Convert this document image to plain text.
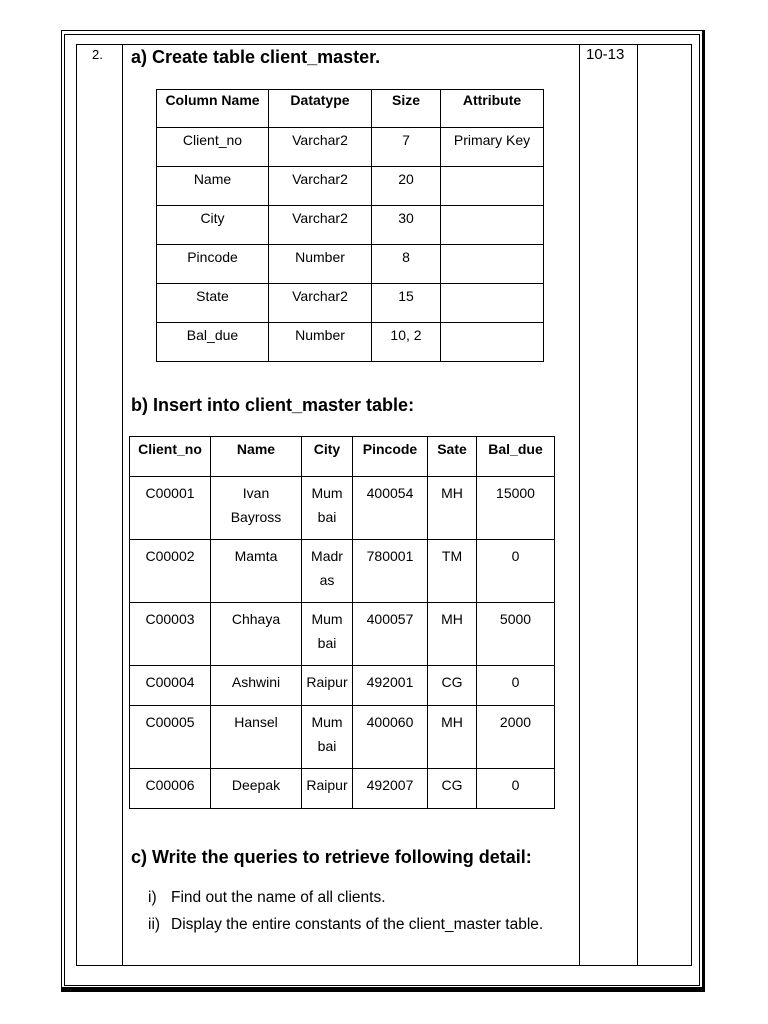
2.	10-13
a) Create table client_master.
Column Name	Datatype	Size	Attribute
Client_no	Varchar2	7	Primary Key
Name	Varchar2	20	
City	Varchar2	30	
Pincode	Number	8	
State	Varchar2	15	
Bal_due	Number	10, 2	
b) Insert into client_master table:
Client_no	Name	City	Pincode	Sate	Bal_due
C00001	Ivan Bayross	Mum bai	400054	MH	15000
C00002	Mamta	Madr as	780001	TM	0
C00003	Chhaya	Mum bai	400057	MH	5000
C00004	Ashwini	Raipur	492001	CG	0
C00005	Hansel	Mum bai	400060	MH	2000
C00006	Deepak	Raipur	492007	CG	0
c) Write the queries to retrieve following detail:
i) Find out the name of all clients.
ii) Display the entire constants of the client_master table.
